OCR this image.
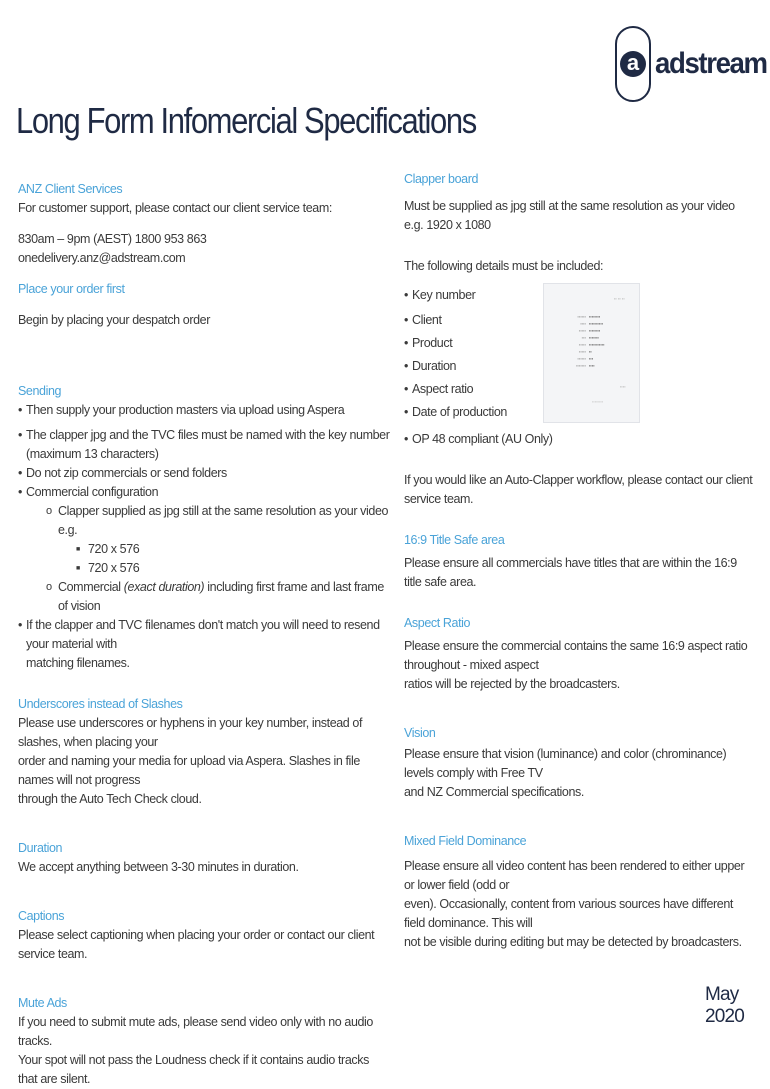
a adstream
Long Form Infomercial Specifications
ANZ Client Services

For customer support, please contact our client service team:

830am – 9pm (AEST) 1800 953 863

onedelivery.anz@adstream.com

Place your order first

Begin by placing your despatch order

Sending
• Then supply your production masters via upload using Aspera
• The clapper jpg and the TVC files must be named with the key number (maximum 13 characters)
• Do not zip commercials or send folders
• Commercial configuration
o Clapper supplied as jpg still at the same resolution as your video e.g.
■ 720 x 576
■ 720 x 576
o Commercial (exact duration) including first frame and last frame of vision
• If the clapper and TVC filenames don't match you will need to resend your material with
matching filenames.
Underscores instead of Slashes

Please use underscores or hyphens in your key number, instead of slashes, when placing your

order and naming your media for upload via Aspera. Slashes in file names will not progress

through the Auto Tech Check cloud.

Duration

We accept anything between 3-30 minutes in duration.

Captions

Please select captioning when placing your order or contact our client service team.

Mute Ads

If you need to submit mute ads, please send video only with no audio tracks.

Your spot will not pass the Loudness check if it contains audio tracks that are silent.

Clapper board

Must be supplied as jpg still at the same resolution as your video e.g. 1920 x 1080

The following details must be included:

• Key number
• Client
• Product
• Duration
• Aspect ratio
• Date of production
• OP 48 compliant (AU Only)

If you would like an Auto-Clapper workflow, please contact our client service team.

16:9 Title Safe area

Please ensure all commercials have titles that are within the 16:9 title safe area.

Aspect Ratio

Please ensure the commercial contains the same 16:9 aspect ratio throughout - mixed aspect

ratios will be rejected by the broadcasters.

Vision

Please ensure that vision (luminance) and color (chrominance) levels comply with Free TV

and NZ Commercial specifications.

Mixed Field Dominance

Please ensure all video content has been rendered to either upper or lower field (odd or

even). Occasionally, content from various sources have different field dominance. This will

not be visible during editing but may be detected by broadcasters.

▪▪ ▪▪ ▪▪
▪▪▪▪▪▪ ▪▪▪▪▪▪▪▪
▪▪▪▪ ▪▪▪▪▪▪▪▪▪▪
▪▪▪▪▪ ▪▪▪▪▪▪▪▪
▪▪▪ ▪▪▪▪▪▪▪
▪▪▪▪▪ ▪▪▪▪▪▪▪▪▪▪▪
▪▪▪▪▪ ▪▪
▪▪▪▪▪▪ ▪▪▪
▪▪▪▪▪▪▪ ▪▪▪▪
▪▪▪▪
▪▪▪▪▪▪▪▪
May 2020
